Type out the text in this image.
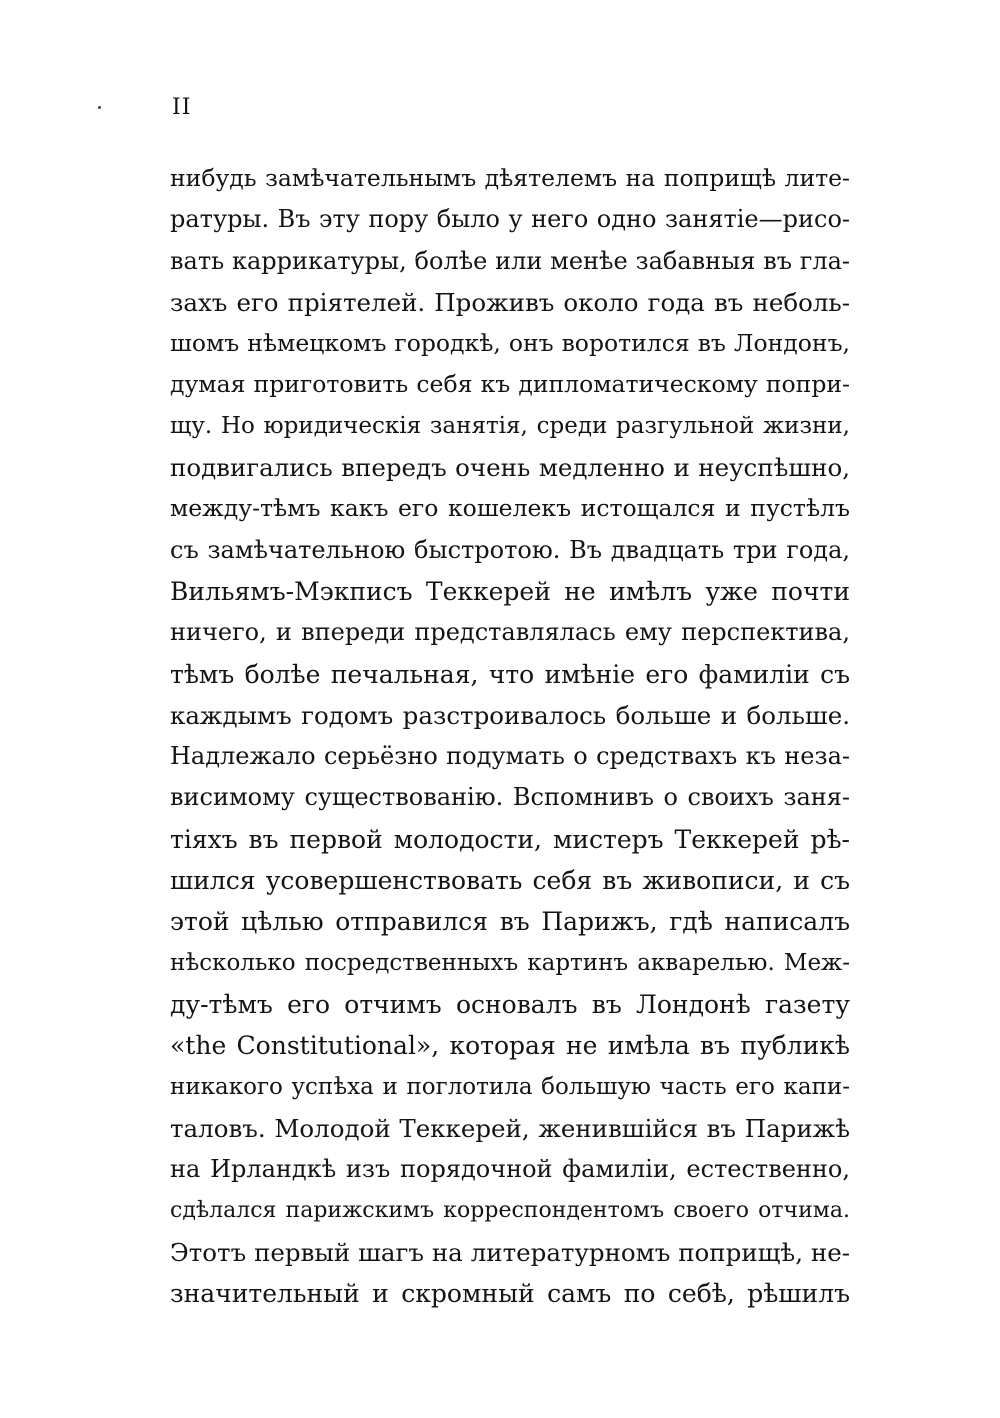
II
нибудь замѣчательнымъ дѣятелемъ на поприщѣ лите-
ратуры. Въ эту пору было у него одно занятіе—рисо-
вать каррикатуры, болѣе или менѣе забавныя въ гла-
захъ его пріятелей. Проживъ около года въ неболь-
шомъ нѣмецкомъ городкѣ, онъ воротился въ Лондонъ,
думая приготовить себя къ дипломатическому попри-
щу. Но юридическія занятія, среди разгульной жизни,
подвигались впередъ очень медленно и неуспѣшно,
между-тѣмъ какъ его кошелекъ истощался и пустѣлъ
съ замѣчательною быстротою. Въ двадцать три года,
Вильямъ-Мэкписъ Теккерей не имѣлъ уже почти
ничего, и впереди представлялась ему перспектива,
тѣмъ болѣе печальная, что имѣніе его фамиліи съ
каждымъ годомъ разстроивалось больше и больше.
Надлежало серьёзно подумать о средствахъ къ неза-
висимому существованію. Вспомнивъ о своихъ заня-
тіяхъ въ первой молодости, мистеръ Теккерей рѣ-
шился усовершенствовать себя въ живописи, и съ
этой цѣлью отправился въ Парижъ, гдѣ написалъ
нѣсколько посредственныхъ картинъ акварелью. Меж-
ду-тѣмъ его отчимъ основалъ въ Лондонѣ газету
«the Constitutional», которая не имѣла въ публикѣ
никакого успѣха и поглотила большую часть его капи-
таловъ. Молодой Теккерей, женившійся въ Парижѣ
на Ирландкѣ изъ порядочной фамиліи, естественно,
сдѣлался парижскимъ корреспондентомъ своего отчима.
Этотъ первый шагъ на литературномъ поприщѣ, не-
значительный и скромный самъ по себѣ, рѣшилъ
